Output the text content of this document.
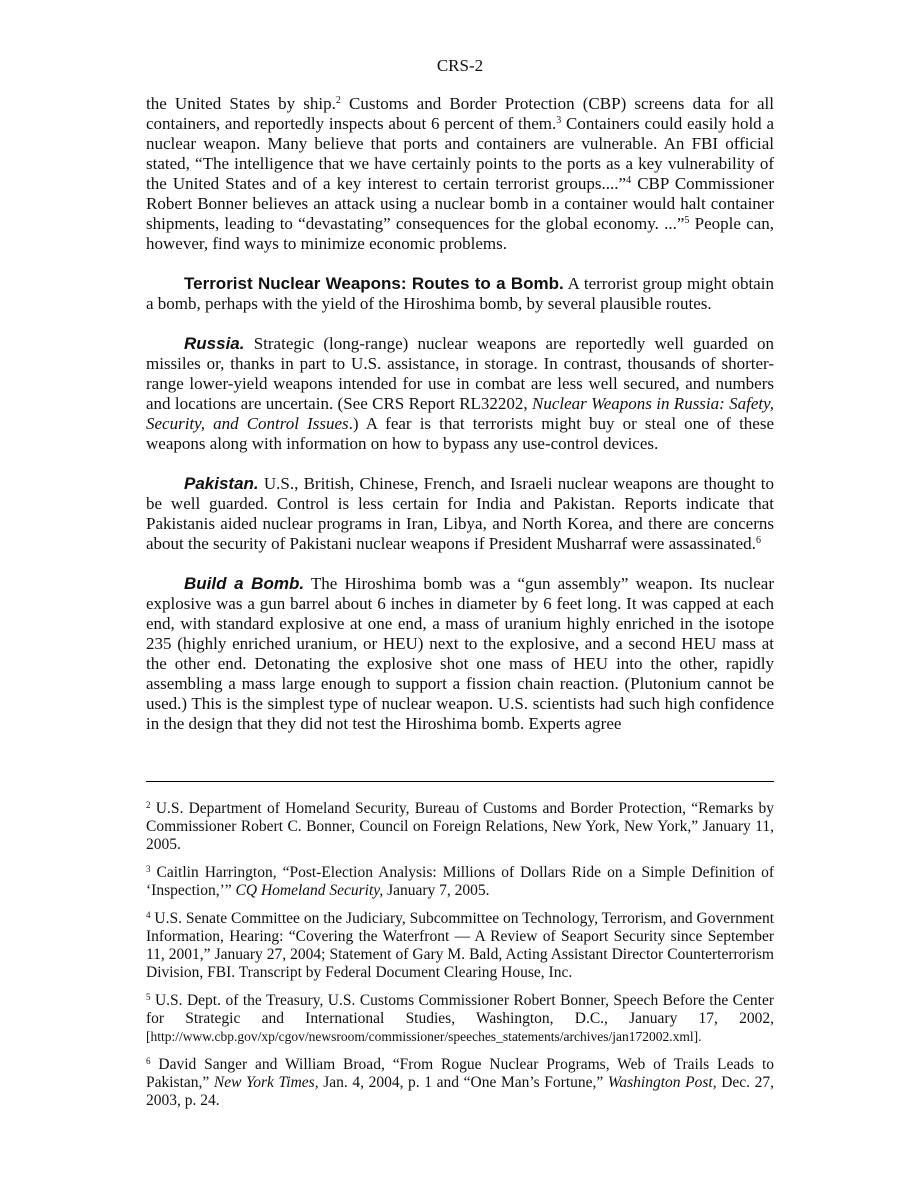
CRS-2

the United States by ship.$^2$ Customs and Border Protection (CBP) screens data for all containers, and reportedly inspects about 6 percent of them.$^3$ Containers could easily hold a nuclear weapon. Many believe that ports and containers are vulnerable. An FBI official stated, “The intelligence that we have certainly points to the ports as a key vulnerability of the United States and of a key interest to certain terrorist groups....”$^4$ CBP Commissioner Robert Bonner believes an attack using a nuclear bomb in a container would halt container shipments, leading to “devastating” consequences for the global economy. ...”$^5$ People can, however, find ways to minimize economic problems.

Terrorist Nuclear Weapons: Routes to a Bomb. A terrorist group might obtain a bomb, perhaps with the yield of the Hiroshima bomb, by several plausible routes.

Russia. Strategic (long-range) nuclear weapons are reportedly well guarded on missiles or, thanks in part to U.S. assistance, in storage. In contrast, thousands of shorter-range lower-yield weapons intended for use in combat are less well secured, and numbers and locations are uncertain. (See CRS Report RL32202, Nuclear Weapons in Russia: Safety, Security, and Control Issues.) A fear is that terrorists might buy or steal one of these weapons along with information on how to bypass any use-control devices.

Pakistan. U.S., British, Chinese, French, and Israeli nuclear weapons are thought to be well guarded. Control is less certain for India and Pakistan. Reports indicate that Pakistanis aided nuclear programs in Iran, Libya, and North Korea, and there are concerns about the security of Pakistani nuclear weapons if President Musharraf were assassinated.$^6$

Build a Bomb. The Hiroshima bomb was a “gun assembly” weapon. Its nuclear explosive was a gun barrel about 6 inches in diameter by 6 feet long. It was capped at each end, with standard explosive at one end, a mass of uranium highly enriched in the isotope 235 (highly enriched uranium, or HEU) next to the explosive, and a second HEU mass at the other end. Detonating the explosive shot one mass of HEU into the other, rapidly assembling a mass large enough to support a fission chain reaction. (Plutonium cannot be used.) This is the simplest type of nuclear weapon. U.S. scientists had such high confidence in the design that they did not test the Hiroshima bomb. Experts agree

$^2$ U.S. Department of Homeland Security, Bureau of Customs and Border Protection, “Remarks by Commissioner Robert C. Bonner, Council on Foreign Relations, New York, New York,” January 11, 2005.

$^3$ Caitlin Harrington, “Post-Election Analysis: Millions of Dollars Ride on a Simple Definition of ‘Inspection,’” CQ Homeland Security, January 7, 2005.

$^4$ U.S. Senate Committee on the Judiciary, Subcommittee on Technology, Terrorism, and Government Information, Hearing: “Covering the Waterfront — A Review of Seaport Security since September 11, 2001,” January 27, 2004; Statement of Gary M. Bald, Acting Assistant Director Counterterrorism Division, FBI. Transcript by Federal Document Clearing House, Inc.

$^5$ U.S. Dept. of the Treasury, U.S. Customs Commissioner Robert Bonner, Speech Before the Center for Strategic and International Studies, Washington, D.C., January 17, 2002, [http://www.cbp.gov/xp/cgov/newsroom/commissioner/speeches_statements/archives/jan172002.xml].

$^6$ David Sanger and William Broad, “From Rogue Nuclear Programs, Web of Trails Leads to Pakistan,” New York Times, Jan. 4, 2004, p. 1 and “One Man’s Fortune,” Washington Post, Dec. 27, 2003, p. 24.
